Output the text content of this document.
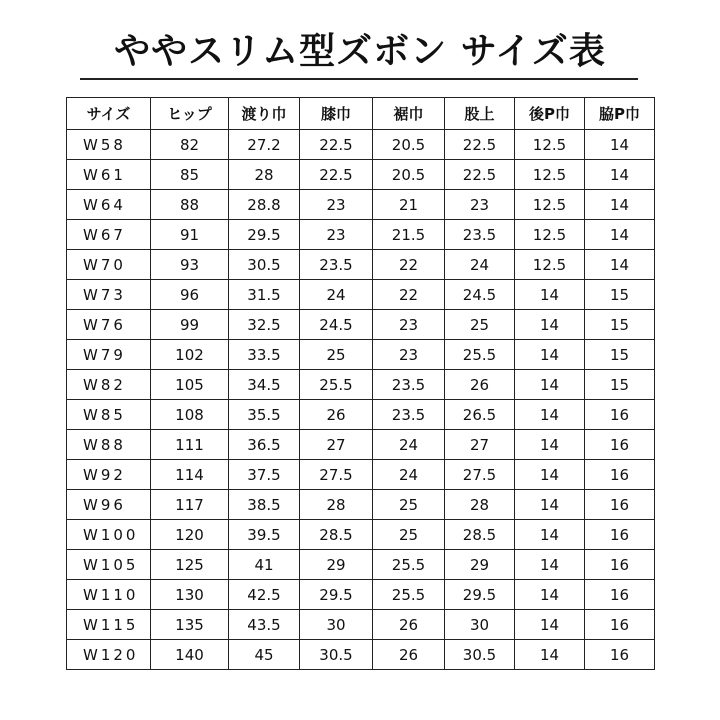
ややスリム型ズボン サイズ表
サイズ	ヒップ	渡り巾	膝巾	裾巾	股上	後P巾	脇P巾
W58	82	27.2	22.5	20.5	22.5	12.5	14
W61	85	28	22.5	20.5	22.5	12.5	14
W64	88	28.8	23	21	23	12.5	14
W67	91	29.5	23	21.5	23.5	12.5	14
W70	93	30.5	23.5	22	24	12.5	14
W73	96	31.5	24	22	24.5	14	15
W76	99	32.5	24.5	23	25	14	15
W79	102	33.5	25	23	25.5	14	15
W82	105	34.5	25.5	23.5	26	14	15
W85	108	35.5	26	23.5	26.5	14	16
W88	111	36.5	27	24	27	14	16
W92	114	37.5	27.5	24	27.5	14	16
W96	117	38.5	28	25	28	14	16
W100	120	39.5	28.5	25	28.5	14	16
W105	125	41	29	25.5	29	14	16
W110	130	42.5	29.5	25.5	29.5	14	16
W115	135	43.5	30	26	30	14	16
W120	140	45	30.5	26	30.5	14	16
